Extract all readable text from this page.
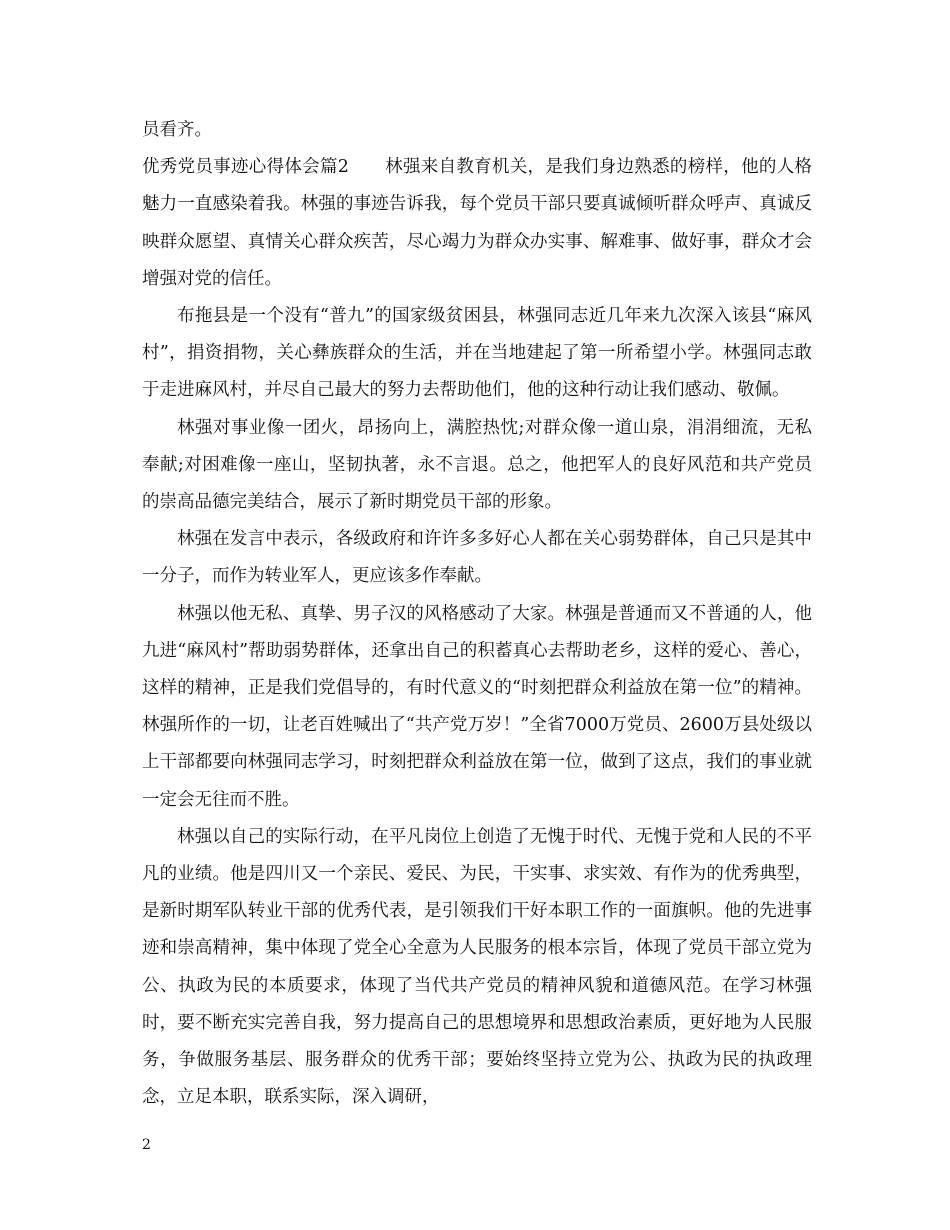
员看齐。

优秀党员事迹心得体会篇2 林强来自教育机关，是我们身边熟悉的榜样，他的人格魅力一直感染着我。林强的事迹告诉我，每个党员干部只要真诚倾听群众呼声、真诚反映群众愿望、真情关心群众疾苦，尽心竭力为群众办实事、解难事、做好事，群众才会增强对党的信任。

布拖县是一个没有“普九”的国家级贫困县，林强同志近几年来九次深入该县“麻风村”，捐资捐物，关心彝族群众的生活，并在当地建起了第一所希望小学。林强同志敢于走进麻风村，并尽自己最大的努力去帮助他们，他的这种行动让我们感动、敬佩。

林强对事业像一团火，昂扬向上，满腔热忱;对群众像一道山泉，涓涓细流，无私奉献;对困难像一座山，坚韧执著，永不言退。总之，他把军人的良好风范和共产党员的崇高品德完美结合，展示了新时期党员干部的形象。

林强在发言中表示，各级政府和许许多多好心人都在关心弱势群体，自己只是其中一分子，而作为转业军人，更应该多作奉献。

林强以他无私、真挚、男子汉的风格感动了大家。林强是普通而又不普通的人，他九进“麻风村”帮助弱势群体，还拿出自己的积蓄真心去帮助老乡，这样的爱心、善心，这样的精神，正是我们党倡导的，有时代意义的“时刻把群众利益放在第一位”的精神。林强所作的一切，让老百姓喊出了“共产党万岁！”全省7000万党员、2600万县处级以上干部都要向林强同志学习，时刻把群众利益放在第一位，做到了这点，我们的事业就一定会无往而不胜。

林强以自己的实际行动，在平凡岗位上创造了无愧于时代、无愧于党和人民的不平凡的业绩。他是四川又一个亲民、爱民、为民，干实事、求实效、有作为的优秀典型，是新时期军队转业干部的优秀代表，是引领我们干好本职工作的一面旗帜。他的先进事迹和崇高精神，集中体现了党全心全意为人民服务的根本宗旨，体现了党员干部立党为公、执政为民的本质要求，体现了当代共产党员的精神风貌和道德风范。在学习林强时，要不断充实完善自我，努力提高自己的思想境界和思想政治素质，更好地为人民服务，争做服务基层、服务群众的优秀干部；要始终坚持立党为公、执政为民的执政理念，立足本职，联系实际，深入调研，

2
